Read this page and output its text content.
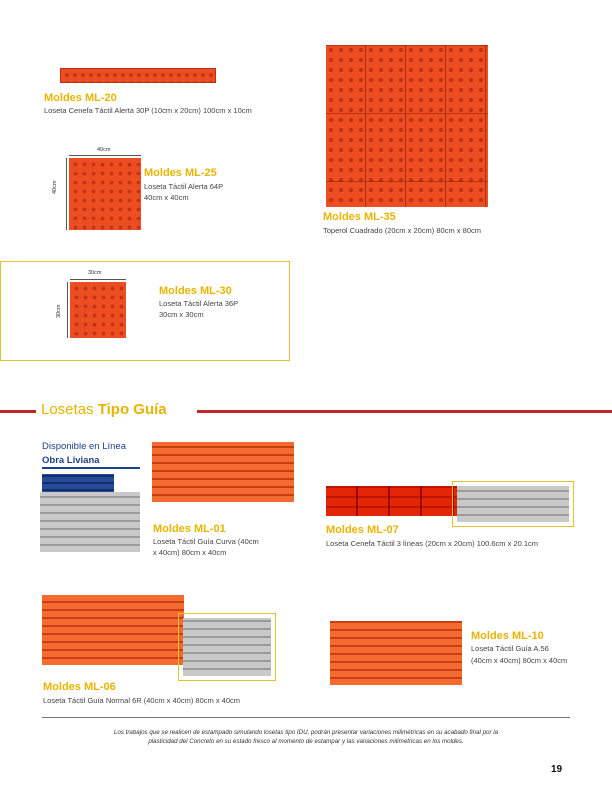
Moldes ML-20
Loseta Cenefa Táctil Alerta 30P (10cm x 20cm) 100cm x 10cm
40cm
40cm
Moldes ML-25
Loseta Táctil Alerta 64P
40cm x 40cm
Moldes ML-35
Toperol Cuadrado (20cm x 20cm) 80cm x 80cm
30cm
30cm
Moldes ML-30
Loseta Táctil Alerta 36P
30cm x 30cm
Losetas Tipo Guía
Disponible en Línea
Obra Liviana
Moldes ML-01
Loseta Táctil Guía Curva (40cm
x 40cm) 80cm x 40cm
Moldes ML-07
Loseta Cenefa Táctil 3 líneas (20cm x 20cm) 100.6cm x 20.1cm
Moldes ML-06
Loseta Táctil Guía Normal 6R (40cm x 40cm) 80cm x 40cm
Moldes ML-10
Loseta Táctil Guía A.56
(40cm x 40cm) 80cm x 40cm
Los trabajos que se realicen de estampado simulando losetas tipo IDU, podrán presentar variaciones milimétricas en su acabado final por la
plasticidad del Concreto en su estado fresco al momento de estampar y las variaciones milimetricas en los moldes.
19
